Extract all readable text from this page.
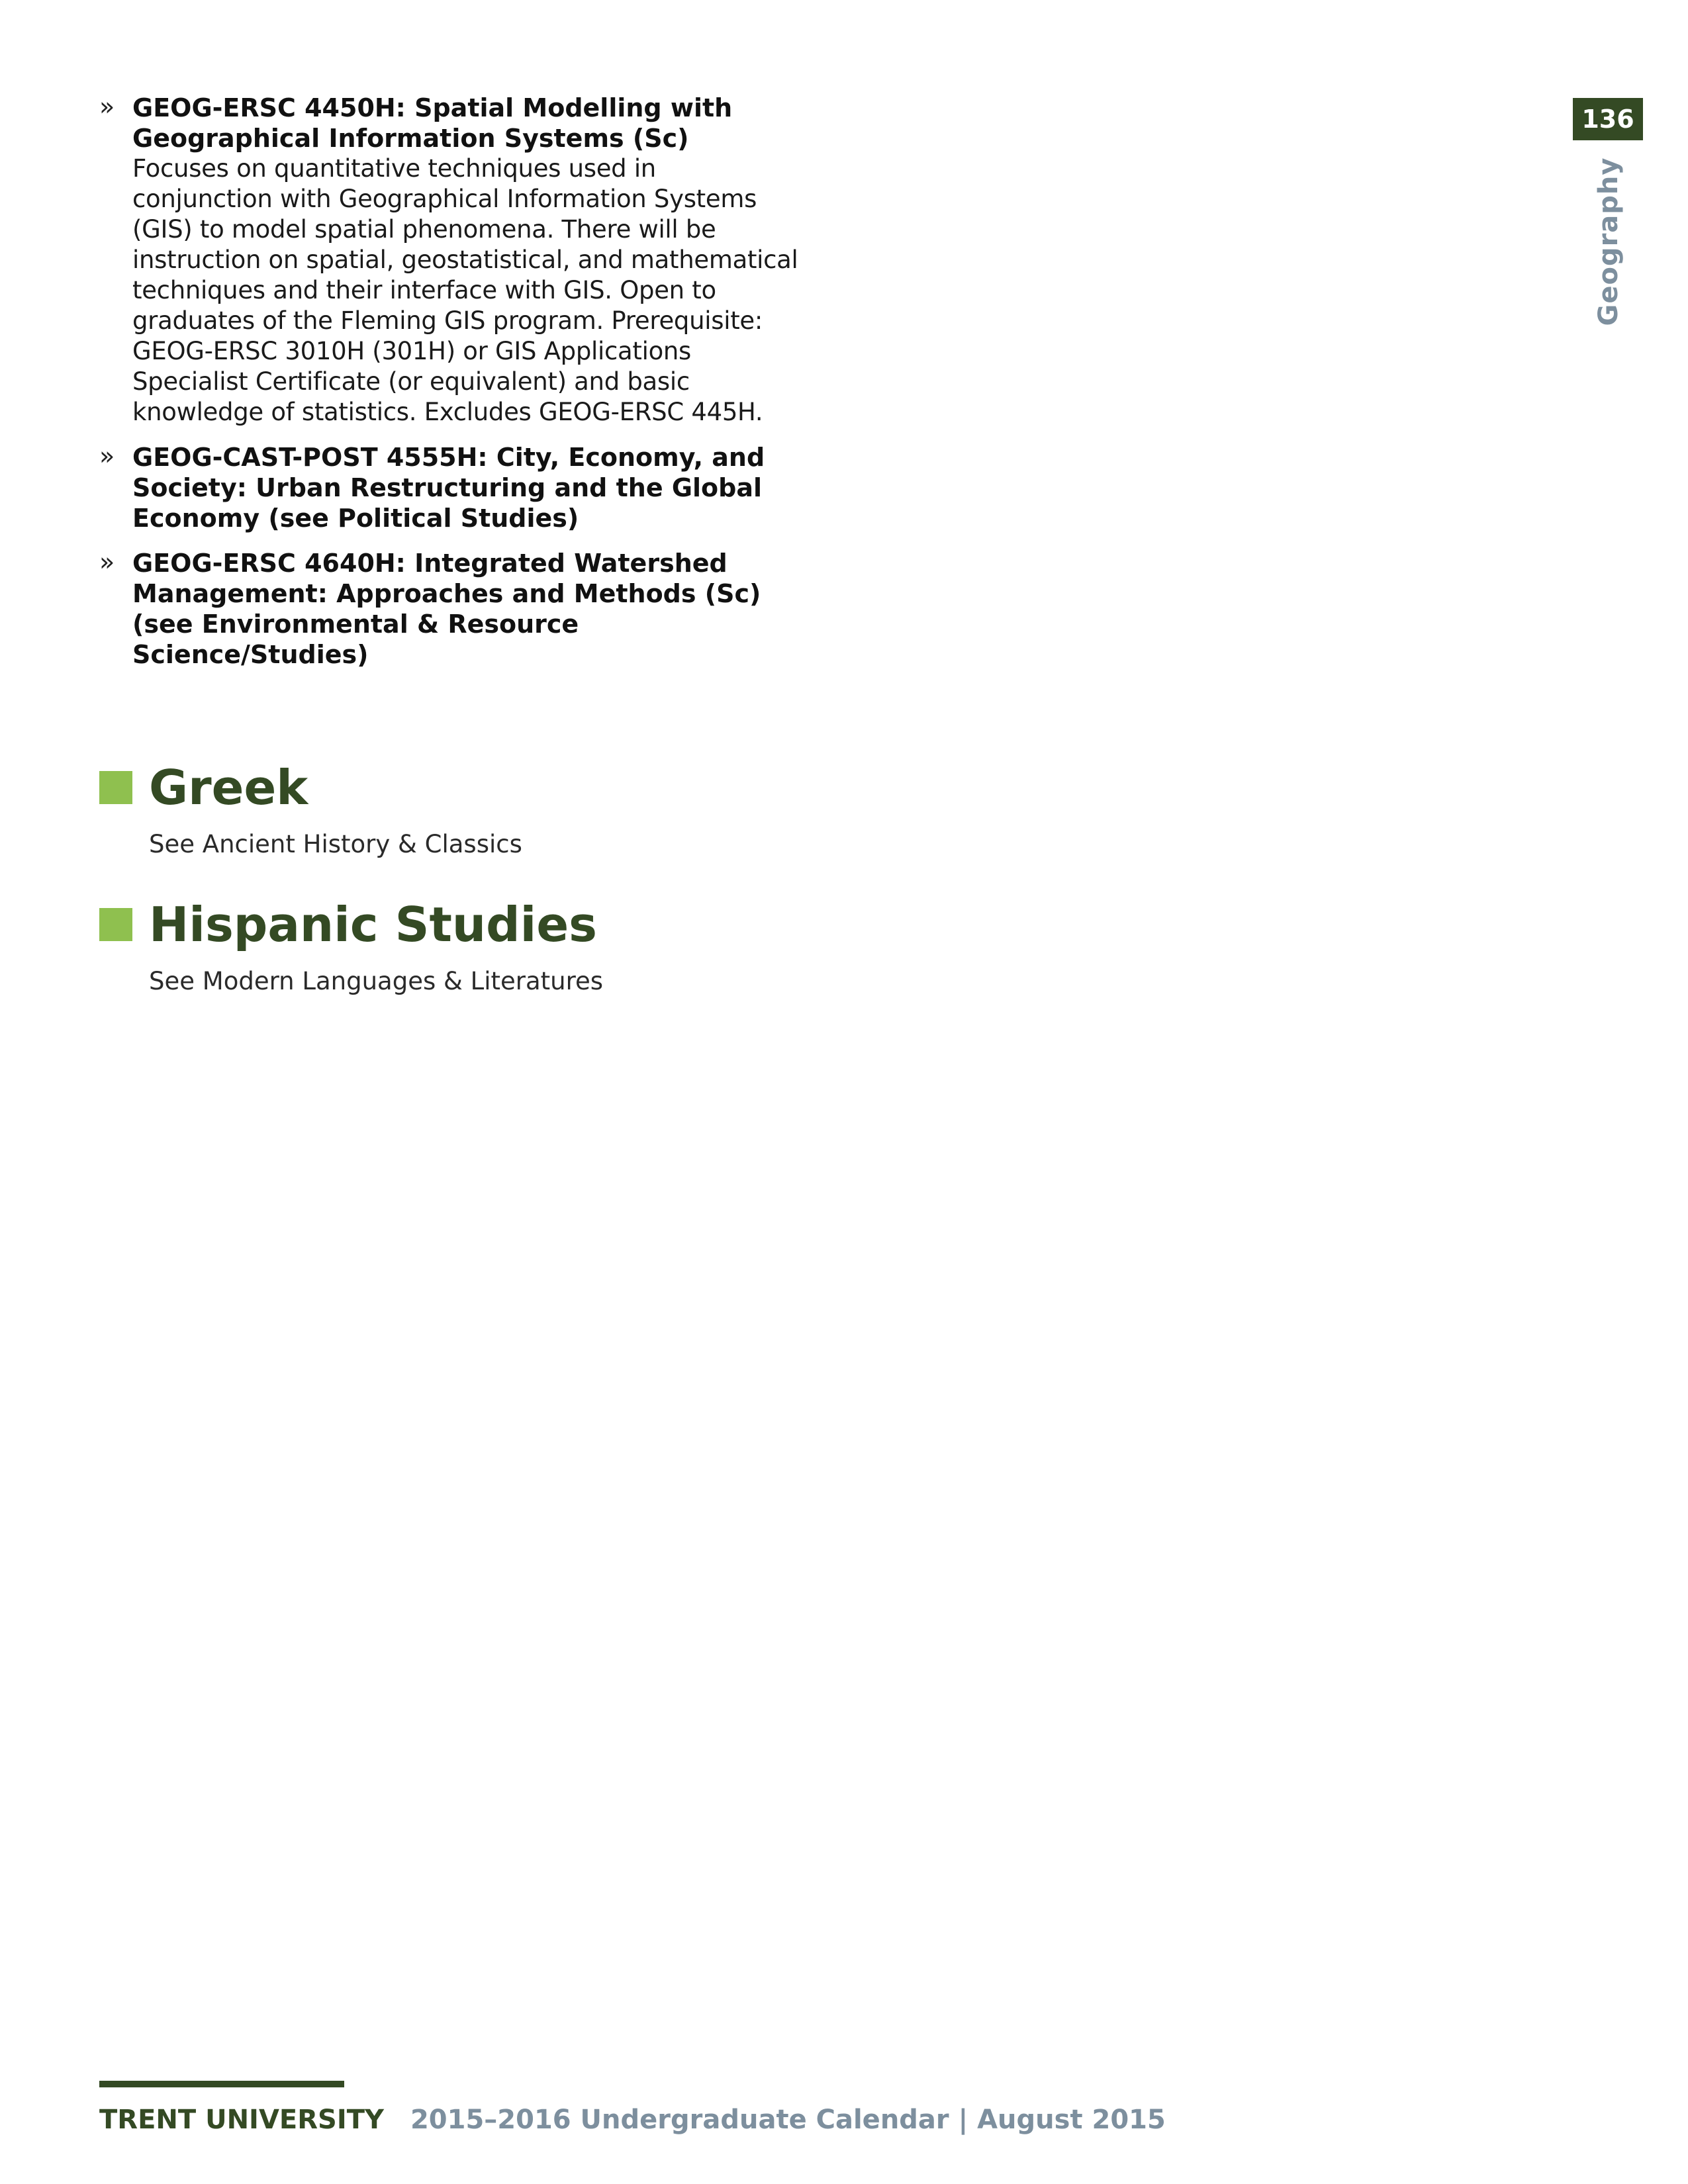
» GEOG-ERSC 4450H: Spatial Modelling with Geographical Information Systems (Sc)

Focuses on quantitative techniques used in conjunction with Geographical Information Systems (GIS) to model spatial phenomena. There will be instruction on spatial, geostatistical, and mathematical techniques and their interface with GIS. Open to graduates of the Fleming GIS program. Prerequisite: GEOG-ERSC 3010H (301H) or GIS Applications Specialist Certificate (or equivalent) and basic knowledge of statistics. Excludes GEOG-ERSC 445H.

» GEOG-CAST-POST 4555H: City, Economy, and Society: Urban Restructuring and the Global Economy (see Political Studies)

» GEOG-ERSC 4640H: Integrated Watershed Management: Approaches and Methods (Sc) (see Environmental & Resource Science/Studies)

Greek

See Ancient History & Classics

Hispanic Studies

See Modern Languages & Literatures

136
Geography
TRENT UNIVERSITY 2015–2016 Undergraduate Calendar | August 2015
